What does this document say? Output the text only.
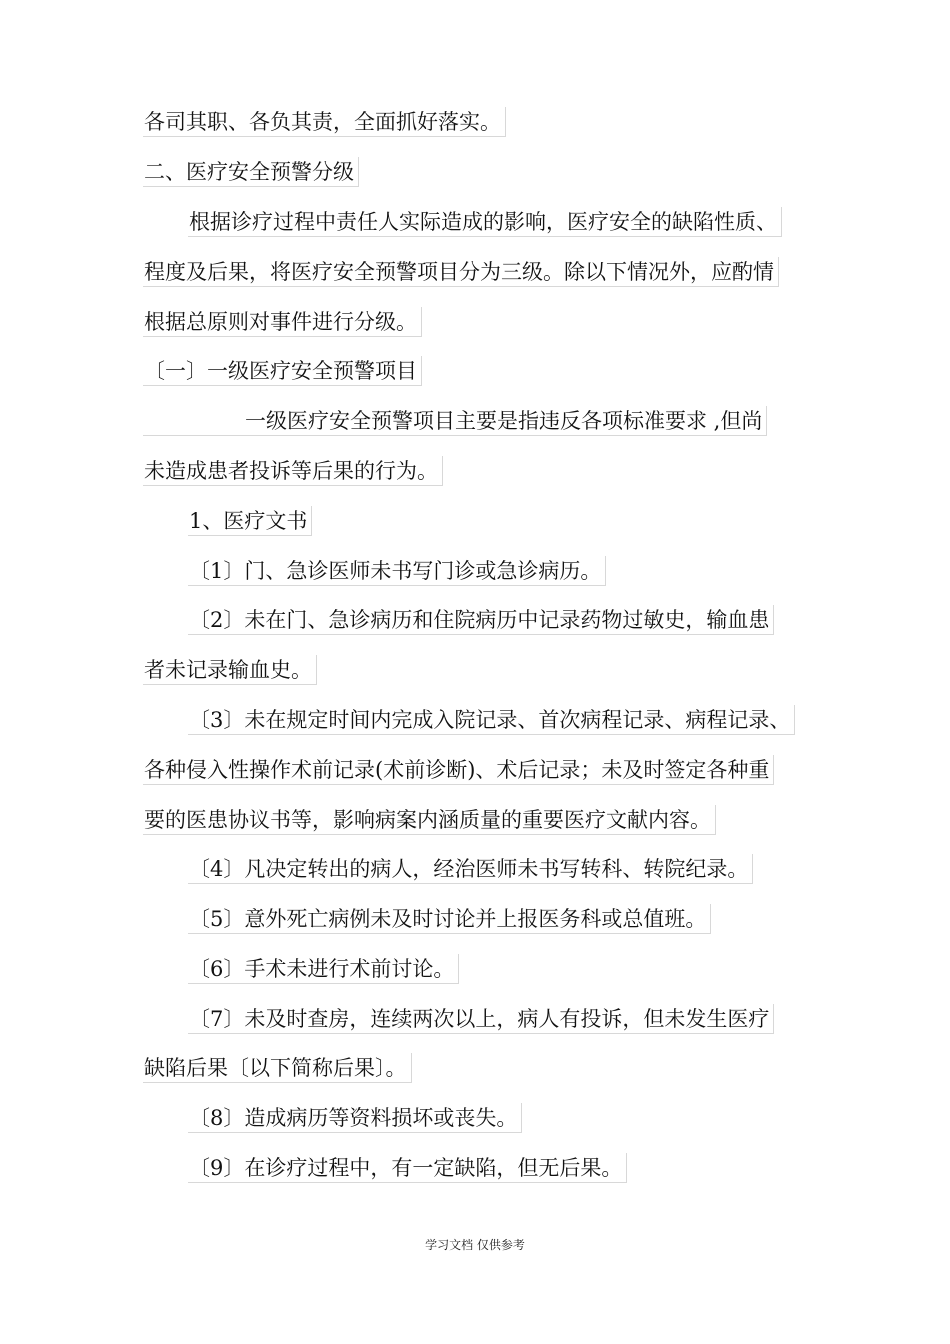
各司其职、各负其责，全面抓好落实。
二、医疗安全预警分级
根据诊疗过程中责任人实际造成的影响，医疗安全的缺陷性质、
程度及后果，将医疗安全预警项目分为三级。除以下情况外，应酌情
根据总原则对事件进行分级。
〔一〕一级医疗安全预警项目
一级医疗安全预警项目主要是指违反各项标准要求 ,但尚
未造成患者投诉等后果的行为。
1、医疗文书
〔1〕门、急诊医师未书写门诊或急诊病历。
〔2〕未在门、急诊病历和住院病历中记录药物过敏史，输血患
者未记录输血史。
〔3〕未在规定时间内完成入院记录、首次病程记录、病程记录、
各种侵入性操作术前记录(术前诊断)、术后记录；未及时签定各种重
要的医患协议书等，影响病案内涵质量的重要医疗文献内容。
〔4〕凡决定转出的病人，经治医师未书写转科、转院纪录。
〔5〕意外死亡病例未及时讨论并上报医务科或总值班。
〔6〕手术未进行术前讨论。
〔7〕未及时查房，连续两次以上，病人有投诉，但未发生医疗
缺陷后果〔以下简称后果〕。
〔8〕造成病历等资料损坏或丧失。
〔9〕在诊疗过程中，有一定缺陷，但无后果。
学习文档 仅供参考
